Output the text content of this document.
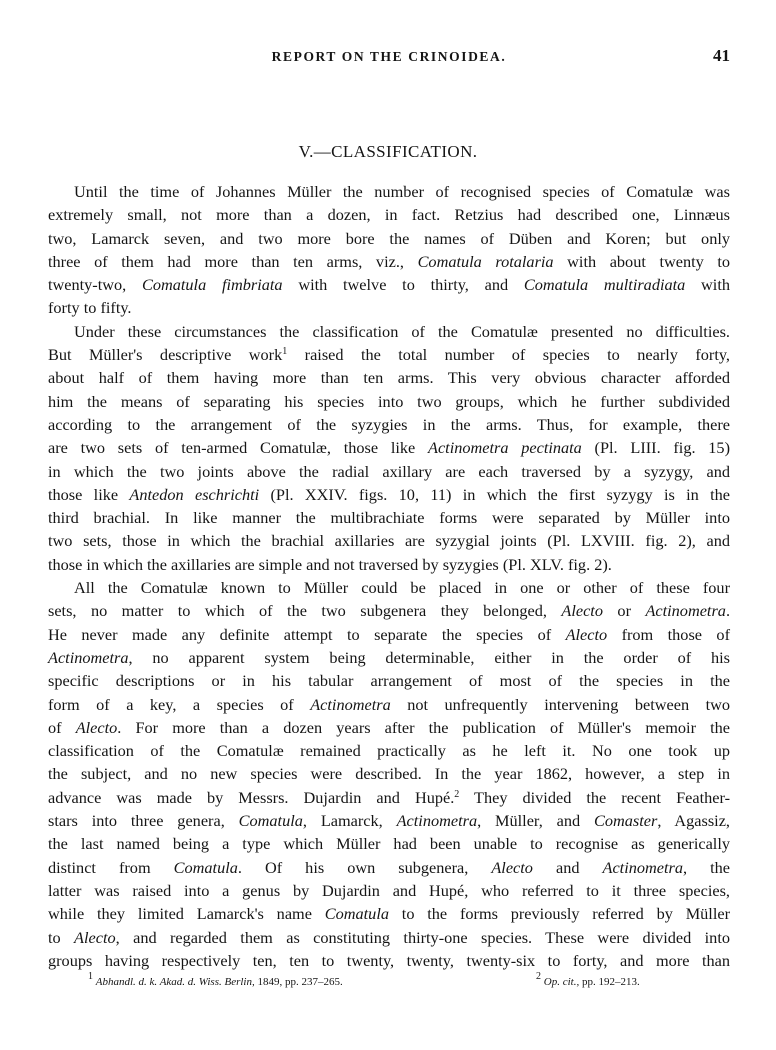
REPORT ON THE CRINOIDEA.	41
V.—CLASSIFICATION.

Until the time of Johannes Müller the number of recognised species of Comatulæ was
extremely small, not more than a dozen, in fact. Retzius had described one, Linnæus
two, Lamarck seven, and two more bore the names of Düben and Koren; but only
three of them had more than ten arms, viz., Comatula rotalaria with about twenty to
twenty-two, Comatula fimbriata with twelve to thirty, and Comatula multiradiata with
forty to fifty.

Under these circumstances the classification of the Comatulæ presented no difficulties.
But Müller's descriptive work$^1$ raised the total number of species to nearly forty,
about half of them having more than ten arms. This very obvious character afforded
him the means of separating his species into two groups, which he further subdivided
according to the arrangement of the syzygies in the arms. Thus, for example, there
are two sets of ten-armed Comatulæ, those like Actinometra pectinata (Pl. LIII. fig. 15)
in which the two joints above the radial axillary are each traversed by a syzygy, and
those like Antedon eschrichti (Pl. XXIV. figs. 10, 11) in which the first syzygy is in the
third brachial. In like manner the multibrachiate forms were separated by Müller into
two sets, those in which the brachial axillaries are syzygial joints (Pl. LXVIII. fig. 2), and
those in which the axillaries are simple and not traversed by syzygies (Pl. XLV. fig. 2).

All the Comatulæ known to Müller could be placed in one or other of these four
sets, no matter to which of the two subgenera they belonged, Alecto or Actinometra.
He never made any definite attempt to separate the species of Alecto from those of
Actinometra, no apparent system being determinable, either in the order of his
specific descriptions or in his tabular arrangement of most of the species in the
form of a key, a species of Actinometra not unfrequently intervening between two
of Alecto. For more than a dozen years after the publication of Müller's memoir the
classification of the Comatulæ remained practically as he left it. No one took up
the subject, and no new species were described. In the year 1862, however, a step in
advance was made by Messrs. Dujardin and Hupé.$^2$ They divided the recent Feather-
stars into three genera, Comatula, Lamarck, Actinometra, Müller, and Comaster, Agassiz,
the last named being a type which Müller had been unable to recognise as generically
distinct from Comatula. Of his own subgenera, Alecto and Actinometra, the
latter was raised into a genus by Dujardin and Hupé, who referred to it three species,
while they limited Lamarck's name Comatula to the forms previously referred by Müller
to Alecto, and regarded them as constituting thirty-one species. These were divided into
groups having respectively ten, ten to twenty, twenty, twenty-six to forty, and more than

$^1$ Abhandl. d. k. Akad. d. Wiss. Berlin, 1849, pp. 237–265.	$^2$ Op. cit., pp. 192–213.
